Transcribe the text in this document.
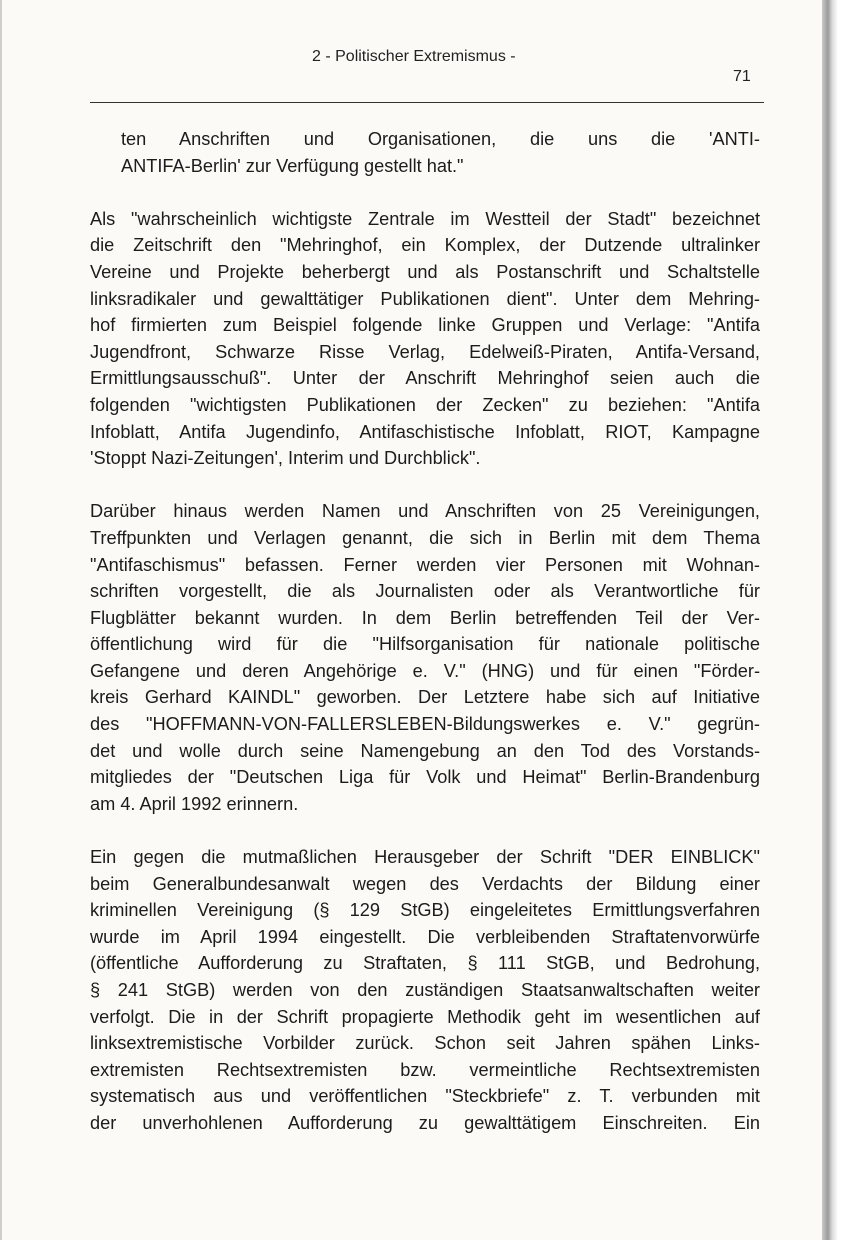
2 - Politischer Extremismus -
71

ten Anschriften und Organisationen, die uns die 'ANTI-
ANTIFA-Berlin' zur Verfügung gestellt hat."

Als "wahrscheinlich wichtigste Zentrale im Westteil der Stadt" bezeichnet
die Zeitschrift den "Mehringhof, ein Komplex, der Dutzende ultralinker
Vereine und Projekte beherbergt und als Postanschrift und Schaltstelle
linksradikaler und gewalttätiger Publikationen dient". Unter dem Mehring-
hof firmierten zum Beispiel folgende linke Gruppen und Verlage: "Antifa
Jugendfront, Schwarze Risse Verlag, Edelweiß-Piraten, Antifa-Versand,
Ermittlungsausschuß". Unter der Anschrift Mehringhof seien auch die
folgenden "wichtigsten Publikationen der Zecken" zu beziehen: "Antifa
Infoblatt, Antifa Jugendinfo, Antifaschistische Infoblatt, RIOT, Kampagne
'Stoppt Nazi-Zeitungen', Interim und Durchblick".

Darüber hinaus werden Namen und Anschriften von 25 Vereinigungen,
Treffpunkten und Verlagen genannt, die sich in Berlin mit dem Thema
"Antifaschismus" befassen. Ferner werden vier Personen mit Wohnan-
schriften vorgestellt, die als Journalisten oder als Verantwortliche für
Flugblätter bekannt wurden. In dem Berlin betreffenden Teil der Ver-
öffentlichung wird für die "Hilfsorganisation für nationale politische
Gefangene und deren Angehörige e. V." (HNG) und für einen "Förder-
kreis Gerhard KAINDL" geworben. Der Letztere habe sich auf Initiative
des "HOFFMANN-VON-FALLERSLEBEN-Bildungswerkes e. V." gegrün-
det und wolle durch seine Namengebung an den Tod des Vorstands-
mitgliedes der "Deutschen Liga für Volk und Heimat" Berlin-Brandenburg
am 4. April 1992 erinnern.

Ein gegen die mutmaßlichen Herausgeber der Schrift "DER EINBLICK"
beim Generalbundesanwalt wegen des Verdachts der Bildung einer
kriminellen Vereinigung (§ 129 StGB) eingeleitetes Ermittlungsverfahren
wurde im April 1994 eingestellt. Die verbleibenden Straftatenvorwürfe
(öffentliche Aufforderung zu Straftaten, § 111 StGB, und Bedrohung,
§ 241 StGB) werden von den zuständigen Staatsanwaltschaften weiter
verfolgt. Die in der Schrift propagierte Methodik geht im wesentlichen auf
linksextremistische Vorbilder zurück. Schon seit Jahren spähen Links-
extremisten Rechtsextremisten bzw. vermeintliche Rechtsextremisten
systematisch aus und veröffentlichen "Steckbriefe" z. T. verbunden mit
der unverhohlenen Aufforderung zu gewalttätigem Einschreiten. Ein
